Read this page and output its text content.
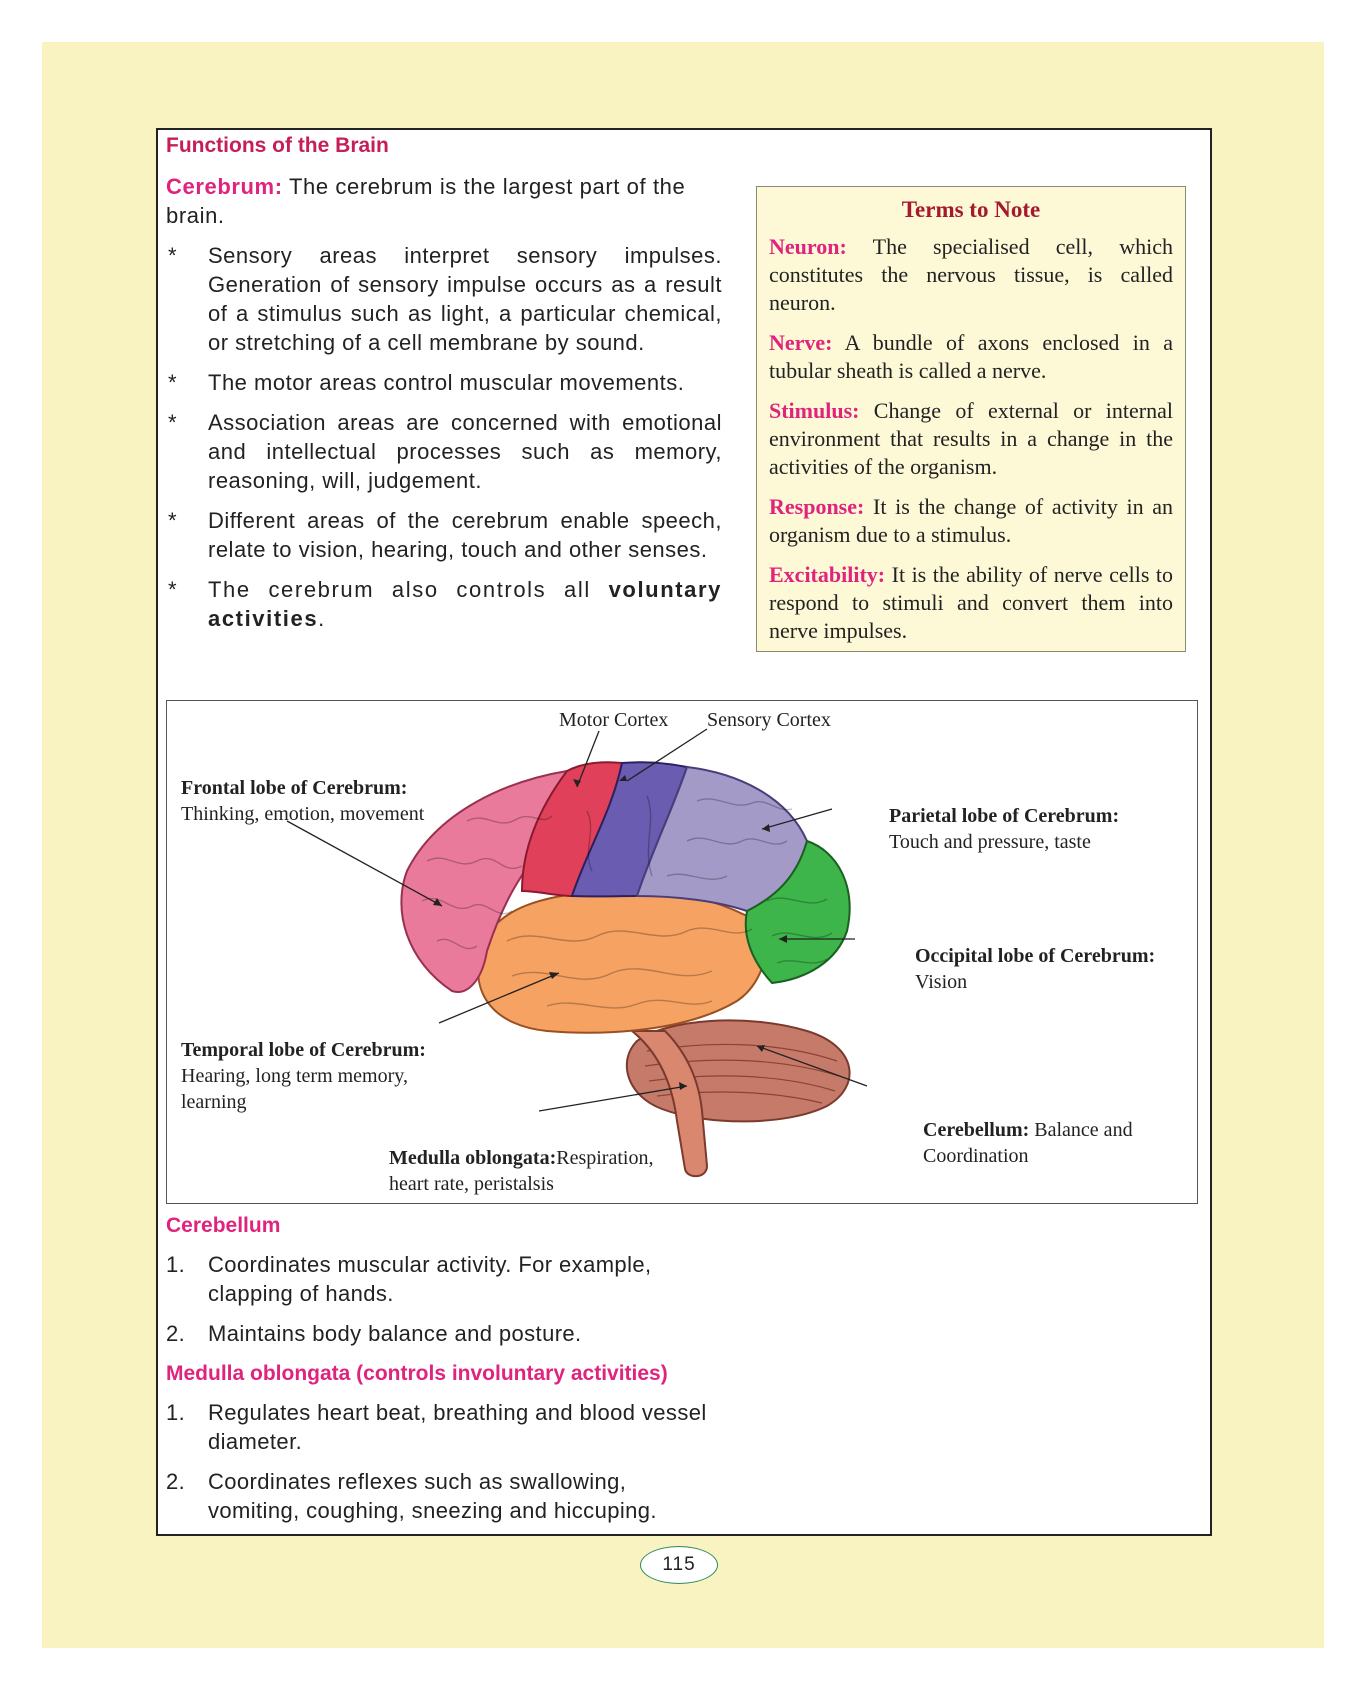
Functions of the Brain

Cerebrum: The cerebrum is the largest part of the brain.

* Sensory areas interpret sensory impulses. Generation of sensory impulse occurs as a result of a stimulus such as light, a particular chemical, or stretching of a cell membrane by sound.
* The motor areas control muscular movements.
* Association areas are concerned with emotional and intellectual processes such as memory, reasoning, will, judgement.
* Different areas of the cerebrum enable speech, relate to vision, hearing, touch and other senses.
* The cerebrum also controls all voluntary activities.
Terms to Note

Neuron: The specialised cell, which constitutes the nervous tissue, is called neuron.

Nerve: A bundle of axons enclosed in a tubular sheath is called a nerve.

Stimulus: Change of external or internal environment that results in a change in the activities of the organism.

Response: It is the change of activity in an organism due to a stimulus.

Excitability: It is the ability of nerve cells to respond to stimuli and convert them into nerve impulses.

Motor Cortex Sensory Cortex

Frontal lobe of Cerebrum:
Thinking, emotion, movement	Parietal lobe of Cerebrum:
Touch and pressure, taste

Occipital lobe of Cerebrum:
Vision

Temporal lobe of Cerebrum:
Hearing, long term memory, learning

Cerebellum: Balance and Coordination

Medulla oblongata:Respiration, heart rate, peristalsis

Cerebellum
1. Coordinates muscular activity. For example, clapping of hands.
2. Maintains body balance and posture.
Medulla oblongata (controls involuntary activities)
1. Regulates heart beat, breathing and blood vessel diameter.
2. Coordinates reflexes such as swallowing, vomiting, coughing, sneezing and hiccuping.
115
